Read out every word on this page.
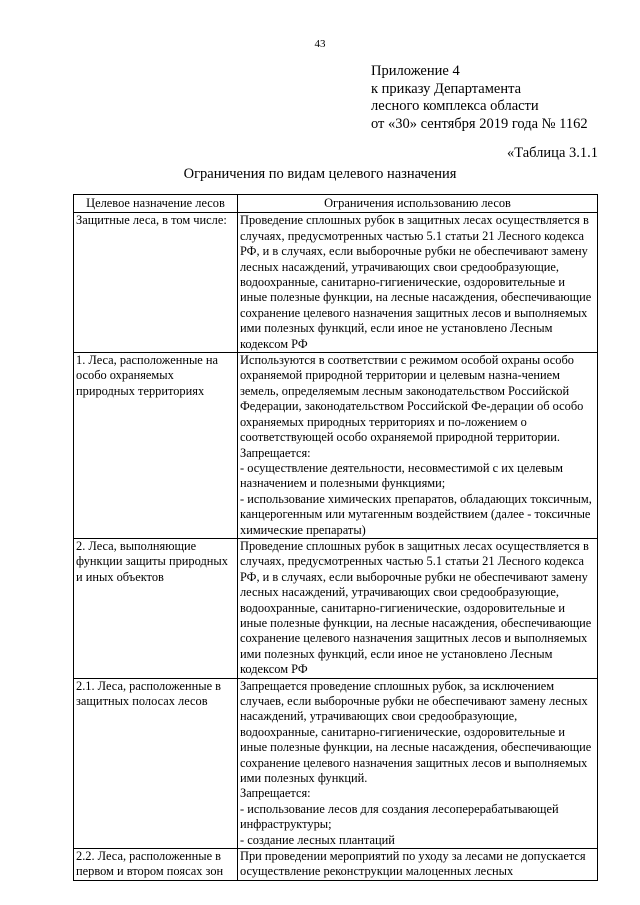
43
Приложение 4
к приказу Департамента
лесного комплекса области
от «30» сентября 2019 года № 1162
«Таблица 3.1.1
Ограничения по видам целевого назначения
Целевое назначение лесов	Ограничения использованию лесов
Защитные леса, в том числе:	Проведение сплошных рубок в защитных лесах осуществляется в случаях, предусмотренных частью 5.1 статьи 21 Лесного кодекса РФ, и в случаях, если выборочные рубки не обеспечивают замену лесных насаждений, утрачивающих свои средообразующие, водоохранные, санитарно-гигиенические, оздоровительные и иные полезные функции, на лесные насаждения, обеспечивающие сохранение целевого назначения защитных лесов и выполняемых ими полезных функций, если иное не установлено Лесным кодексом РФ
1. Леса, расположенные на особо охраняемых природных территориях	Используются в соответствии с режимом особой охраны особо охраняемой природной территории и целевым назна-чением земель, определяемым лесным законодательством Российской Федерации, законодательством Российской Фе-дерации об особо охраняемых природных территориях и по-ложением о соответствующей особо охраняемой природной территории.
Запрещается:
- осуществление деятельности, несовместимой с их целевым назначением и полезными функциями;
- использование химических препаратов, обладающих токсичным, канцерогенным или мутагенным воздействием (далее - токсичные химические препараты)
2. Леса, выполняющие функции защиты природных и иных объектов	Проведение сплошных рубок в защитных лесах осуществляется в случаях, предусмотренных частью 5.1 статьи 21 Лесного кодекса РФ, и в случаях, если выборочные рубки не обеспечивают замену лесных насаждений, утрачивающих свои средообразующие, водоохранные, санитарно-гигиенические, оздоровительные и иные полезные функции, на лесные насаждения, обеспечивающие сохранение целевого назначения защитных лесов и выполняемых ими полезных функций, если иное не установлено Лесным кодексом РФ
2.1. Леса, расположенные в защитных полосах лесов	Запрещается проведение сплошных рубок, за исключением случаев, если выборочные рубки не обеспечивают замену лесных насаждений, утрачивающих свои средообразующие, водоохранные, санитарно-гигиенические, оздоровительные и иные полезные функции, на лесные насаждения, обеспечивающие сохранение целевого назначения защитных лесов и выполняемых ими полезных функций.
Запрещается:
- использование лесов для создания лесоперерабатывающей инфраструктуры;
- создание лесных плантаций
2.2. Леса, расположенные в первом и втором поясах зон	При проведении мероприятий по уходу за лесами не допускается осуществление реконструкции малоценных лесных
